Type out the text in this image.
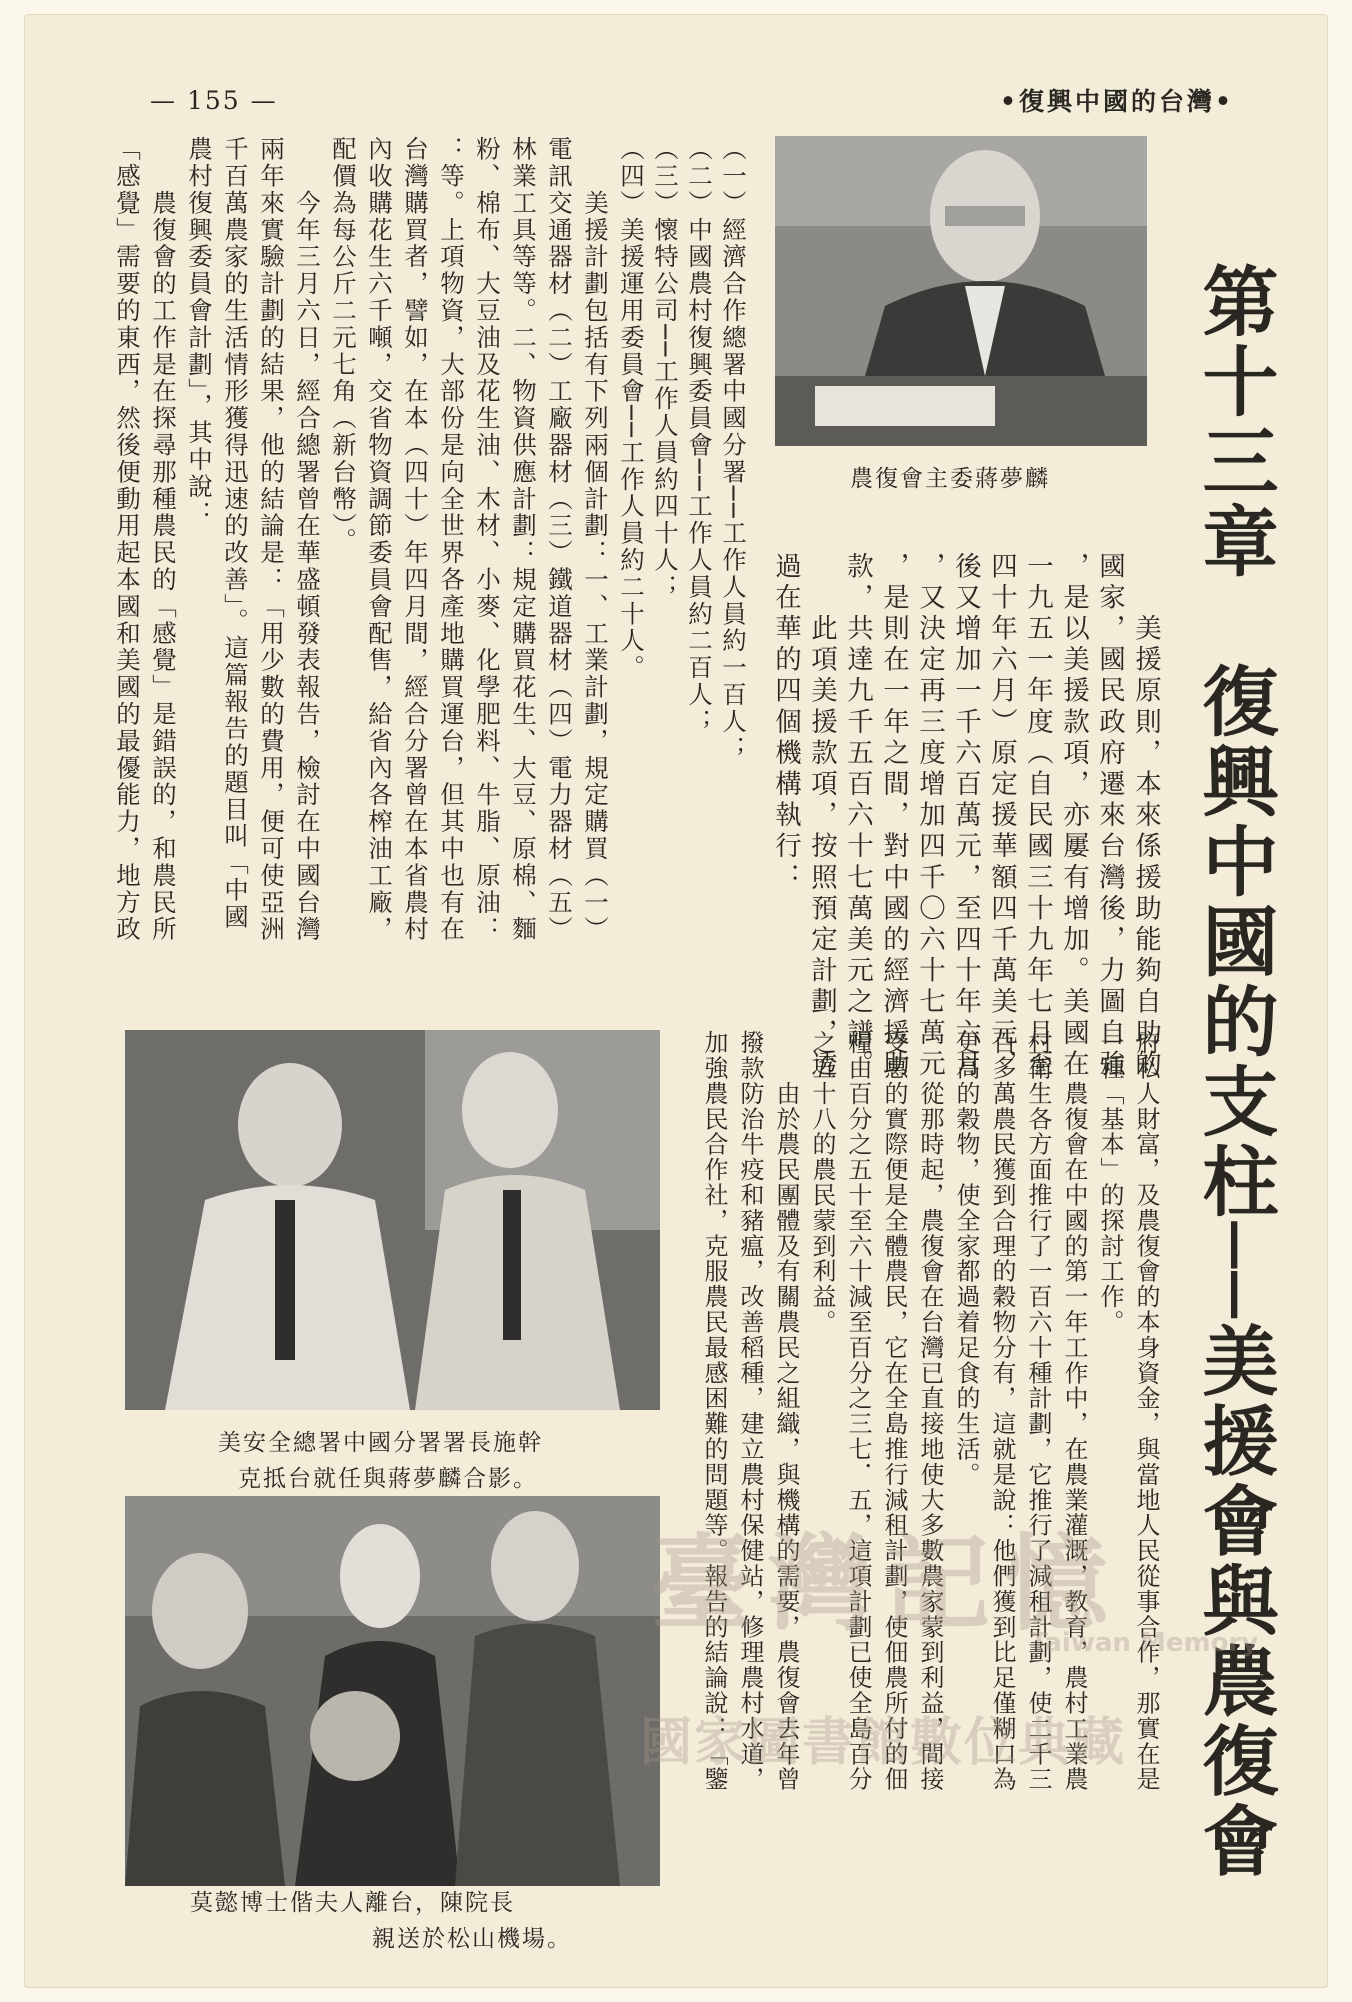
— 155 —	•復興中國的台灣•
第十三章　復興中國的支柱──美援會與農復會
農復會主委蔣夢麟
美安全總署中國分署署長施幹
克抵台就任與蔣夢麟合影。
莫懿博士偕夫人離台，陳院長
親送於松山機場。
　　美援原則，本來係援助能夠自助的
國家，國民政府遷來台灣後，力圖自強
，是以美援款項，亦屢有增加。美國在
一九五一年度（自民國三十九年七月至
四十年六月）原定援華額四千萬美元，
後又增加一千六百萬元，至四十年六月
，又決定再三度增加四千〇六十七萬元
，是則在一年之間，對中國的經濟援助
款，共達九千五百六十七萬美元之譜。
　　此項美援款項，按照預定計劃，透
過在華的四個機構執行：
（一）經濟合作總署中國分署──工作人員約一百人；
（二）中國農村復興委員會──工作人員約二百人；
（三）懷特公司──工作人員約四十人；
（四）美援運用委員會──工作人員約二十人。
　　美援計劃包括有下列兩個計劃：一、工業計劃，規定購買（一）
電訊交通器材（二）工廠器材（三）鐵道器材（四）電力器材（五）
林業工具等等。二、物資供應計劃：規定購買花生、大豆、原棉、麵
粉、棉布、大豆油及花生油、木材、小麥、化學肥料、牛脂、原油：
：等。上項物資，大部份是向全世界各產地購買運台，但其中也有在
台灣購買者，譬如，在本（四十）年四月間，經合分署曾在本省農村
內收購花生六千噸，交省物資調節委員會配售，給省內各榨油工廠，
配價為每公斤二元七角（新台幣）。
　　今年三月六日，經合總署曾在華盛頓發表報告，檢討在中國台灣
兩年來實驗計劃的結果，他的結論是：「用少數的費用，便可使亞洲
千百萬農家的生活情形獲得迅速的改善」。這篇報告的題目叫「中國
農村復興委員會計劃」，其中說：
　　農復會的工作是在探尋那種農民的「感覺」是錯誤的，和農民所
「感覺」需要的東西，然後便動用起本國和美國的最優能力，地方政
府私人財富，及農復會的本身資金，與當地人民從事合作，那實在是
一種「基本」的探討工作。
　　農復會在中國的第一年工作中，在農業灌溉，教育，農村工業農
村衛生各方面推行了一百六十種計劃，它推行了減租計劃，使二千三
百多萬農民獲到合理的穀物分有，這就是說：他們獲到比足僅糊口為
更高的穀物，使全家都過着足食的生活。
　　從那時起，農復會在台灣已直接地使大多數農家蒙到利益，間接
受惠的實際便是全體農民，它在全島推行減租計劃，使佃農所付的佃
糧由百分之五十至六十減至百分之三七．五，這項計劃已使全島百分
之五十八的農民蒙到利益。
　　由於農民團體及有關農民之組織，與機構的需要，農復會去年曾
撥款防治牛疫和豬瘟，改善稻種，建立農村保健站，修理農村水道，
加強農民合作社，克服農民最感困難的問題等。報告的結論說：「鑒
臺灣記憶
Taiwan Memory
國家圖書館數位典藏
